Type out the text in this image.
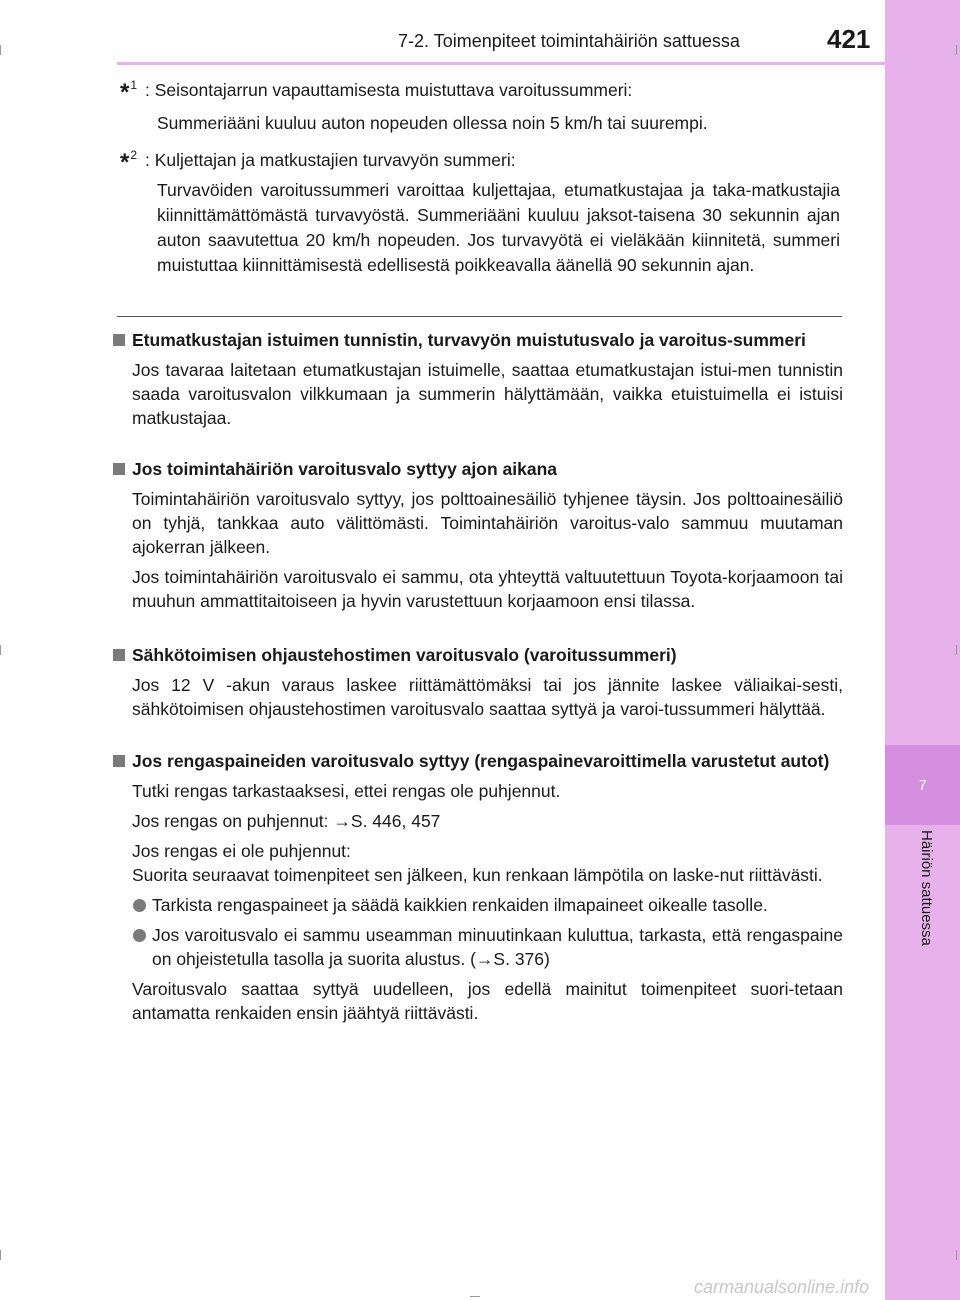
7
Häiriön sattuessa
7-2. Toimenpiteet toimintahäiriön sattuessa	421
*$^1$ : Seisontajarrun vapauttamisesta muistuttava varoitussummeri:
Summeriääni kuuluu auton nopeuden ollessa noin 5 km/h tai suurempi.
*$^2$ : Kuljettajan ja matkustajien turvavyön summeri:
Turvavöiden varoitussummeri varoittaa kuljettajaa, etumatkustajaa ja taka-matkustajia kiinnittämättömästä turvavyöstä. Summeriääni kuuluu jaksot-taisena 30 sekunnin ajan auton saavutettua 20 km/h nopeuden. Jos turvavyötä ei vieläkään kiinnitetä, summeri muistuttaa kiinnittämisestä edellisestä poikkeavalla äänellä 90 sekunnin ajan.
Etumatkustajan istuimen tunnistin, turvavyön muistutusvalo ja varoitus-summeri
Jos tavaraa laitetaan etumatkustajan istuimelle, saattaa etumatkustajan istui-men tunnistin saada varoitusvalon vilkkumaan ja summerin hälyttämään, vaikka etuistuimella ei istuisi matkustajaa.
Jos toimintahäiriön varoitusvalo syttyy ajon aikana
Toimintahäiriön varoitusvalo syttyy, jos polttoainesäiliö tyhjenee täysin. Jos polttoainesäiliö on tyhjä, tankkaa auto välittömästi. Toimintahäiriön varoitus-valo sammuu muutaman ajokerran jälkeen.
Jos toimintahäiriön varoitusvalo ei sammu, ota yhteyttä valtuutettuun Toyota-korjaamoon tai muuhun ammattitaitoiseen ja hyvin varustettuun korjaamoon ensi tilassa.
Sähkötoimisen ohjaustehostimen varoitusvalo (varoitussummeri)
Jos 12 V -akun varaus laskee riittämättömäksi tai jos jännite laskee väliaikai-sesti, sähkötoimisen ohjaustehostimen varoitusvalo saattaa syttyä ja varoi-tussummeri hälyttää.
Jos rengaspaineiden varoitusvalo syttyy (rengaspainevaroittimella varustetut autot)
Tutki rengas tarkastaaksesi, ettei rengas ole puhjennut.
Jos rengas on puhjennut: →S. 446, 457
Jos rengas ei ole puhjennut:
Suorita seuraavat toimenpiteet sen jälkeen, kun renkaan lämpötila on laske-nut riittävästi.
Tarkista rengaspaineet ja säädä kaikkien renkaiden ilmapaineet oikealle tasolle.
Jos varoitusvalo ei sammu useamman minuutinkaan kuluttua, tarkasta, että rengaspaine on ohjeistetulla tasolla ja suorita alustus. (→S. 376)
Varoitusvalo saattaa syttyä uudelleen, jos edellä mainitut toimenpiteet suori-tetaan antamatta renkaiden ensin jäähtyä riittävästi.
carmanualsonline.info
